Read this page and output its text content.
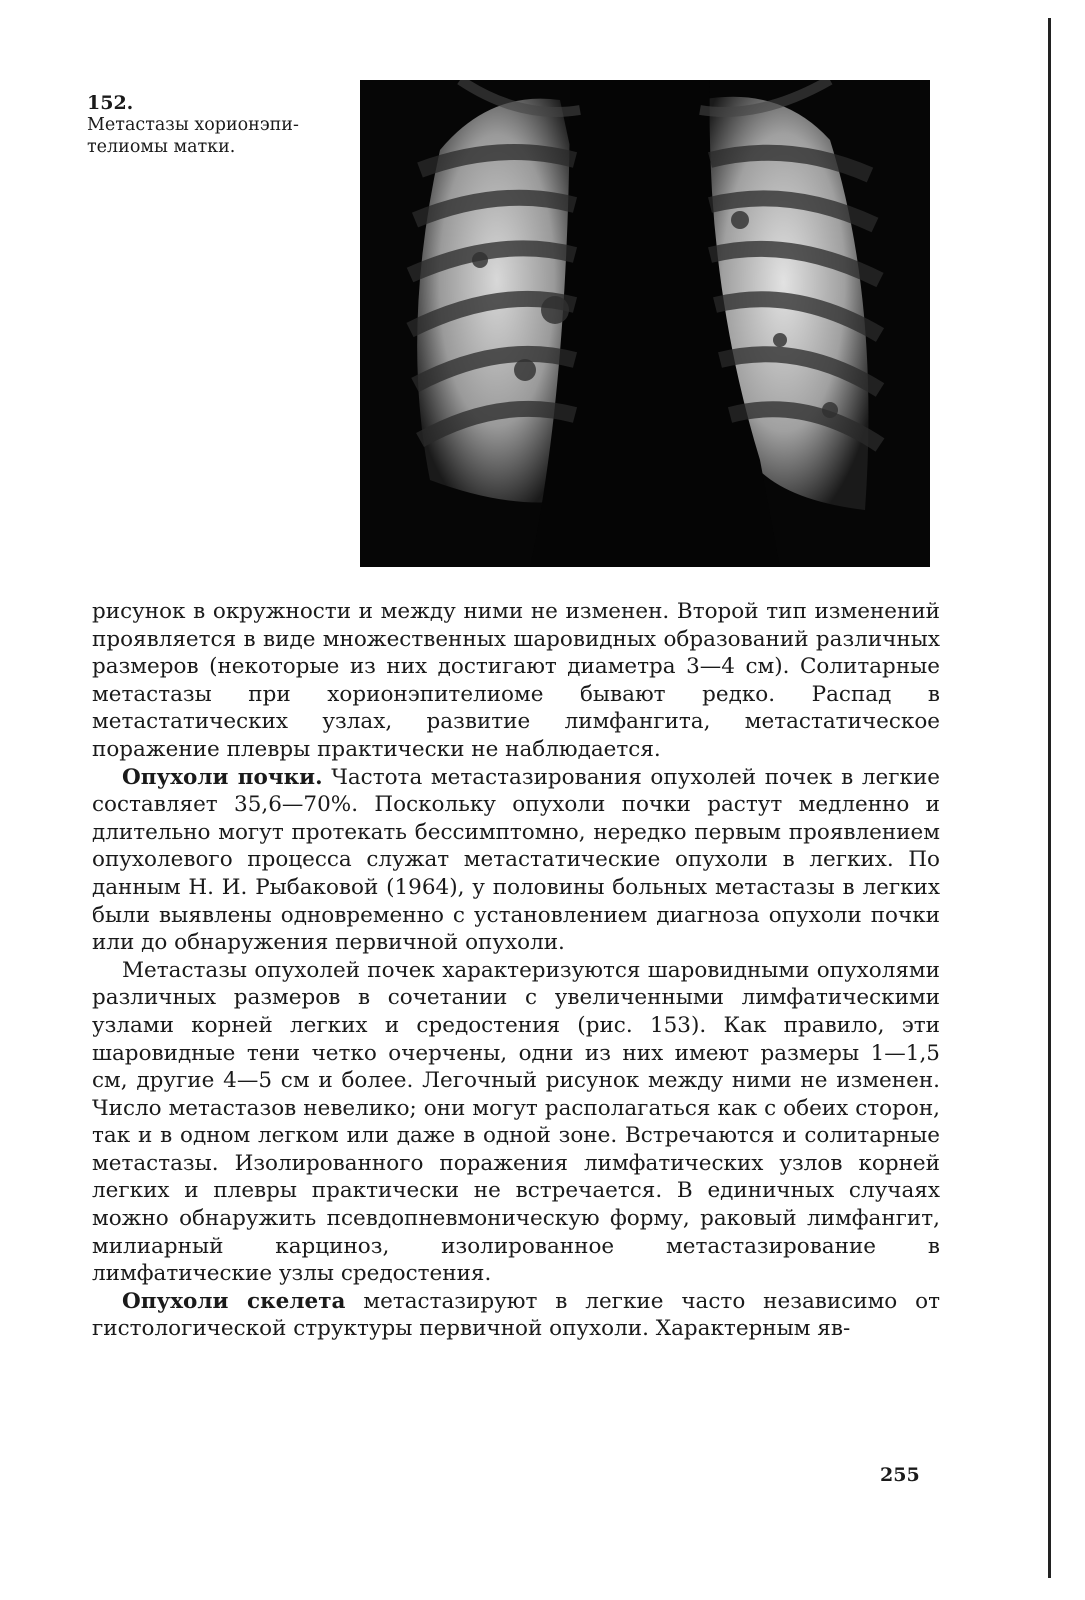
152.
Метастазы хорионэпи-
телиомы матки.

рисунок в окружности и между ними не изменен. Второй тип изменений проявляется в виде множественных шаровидных образований различных размеров (некоторые из них достигают диаметра 3—4 см). Солитарные метастазы при хорионэпителиоме бывают редко. Распад в метастатических узлах, развитие лимфангита, метастатическое поражение плевры практически не наблюдается.

Опухоли почки. Частота метастазирования опухолей почек в легкие составляет 35,6—70%. Поскольку опухоли почки растут медленно и длительно могут протекать бессимптомно, нередко первым проявлением опухолевого процесса служат метастатические опухоли в легких. По данным Н. И. Рыбаковой (1964), у половины больных метастазы в легких были выявлены одновременно с установлением диагноза опухоли почки или до обнаружения первичной опухоли.

Метастазы опухолей почек характеризуются шаровидными опухолями различных размеров в сочетании с увеличенными лимфатическими узлами корней легких и средостения (рис. 153). Как правило, эти шаровидные тени четко очерчены, одни из них имеют размеры 1—1,5 см, другие 4—5 см и более. Легочный рисунок между ними не изменен. Число метастазов невелико; они могут располагаться как с обеих сторон, так и в одном легком или даже в одной зоне. Встречаются и солитарные метастазы. Изолированного поражения лимфатических узлов корней легких и плевры практически не встречается. В единичных случаях можно обнаружить псевдопневмоническую форму, раковый лимфангит, милиарный карциноз, изолированное метастазирование в лимфатические узлы средостения.

Опухоли скелета метастазируют в легкие часто независимо от гистологической структуры первичной опухоли. Характерным яв-

255
